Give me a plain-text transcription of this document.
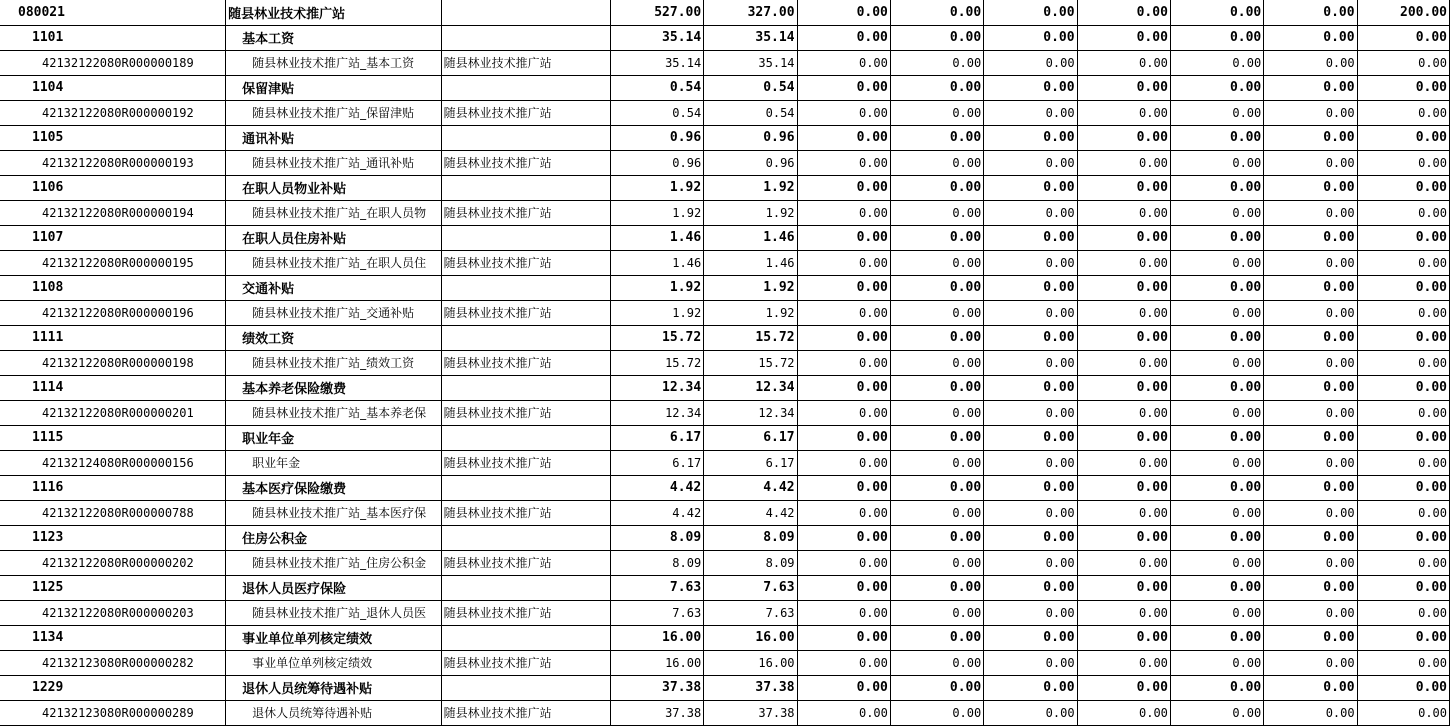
080021	随县林业技术推广站		527.00	327.00	0.00	0.00	0.00	0.00	0.00	0.00	200.00
1101	基本工资		35.14	35.14	0.00	0.00	0.00	0.00	0.00	0.00	0.00
42132122080R000000189	随县林业技术推广站_基本工资	随县林业技术推广站	35.14	35.14	0.00	0.00	0.00	0.00	0.00	0.00	0.00
1104	保留津贴		0.54	0.54	0.00	0.00	0.00	0.00	0.00	0.00	0.00
42132122080R000000192	随县林业技术推广站_保留津贴	随县林业技术推广站	0.54	0.54	0.00	0.00	0.00	0.00	0.00	0.00	0.00
1105	通讯补贴		0.96	0.96	0.00	0.00	0.00	0.00	0.00	0.00	0.00
42132122080R000000193	随县林业技术推广站_通讯补贴	随县林业技术推广站	0.96	0.96	0.00	0.00	0.00	0.00	0.00	0.00	0.00
1106	在职人员物业补贴		1.92	1.92	0.00	0.00	0.00	0.00	0.00	0.00	0.00
42132122080R000000194	随县林业技术推广站_在职人员物	随县林业技术推广站	1.92	1.92	0.00	0.00	0.00	0.00	0.00	0.00	0.00
1107	在职人员住房补贴		1.46	1.46	0.00	0.00	0.00	0.00	0.00	0.00	0.00
42132122080R000000195	随县林业技术推广站_在职人员住	随县林业技术推广站	1.46	1.46	0.00	0.00	0.00	0.00	0.00	0.00	0.00
1108	交通补贴		1.92	1.92	0.00	0.00	0.00	0.00	0.00	0.00	0.00
42132122080R000000196	随县林业技术推广站_交通补贴	随县林业技术推广站	1.92	1.92	0.00	0.00	0.00	0.00	0.00	0.00	0.00
1111	绩效工资		15.72	15.72	0.00	0.00	0.00	0.00	0.00	0.00	0.00
42132122080R000000198	随县林业技术推广站_绩效工资	随县林业技术推广站	15.72	15.72	0.00	0.00	0.00	0.00	0.00	0.00	0.00
1114	基本养老保险缴费		12.34	12.34	0.00	0.00	0.00	0.00	0.00	0.00	0.00
42132122080R000000201	随县林业技术推广站_基本养老保	随县林业技术推广站	12.34	12.34	0.00	0.00	0.00	0.00	0.00	0.00	0.00
1115	职业年金		6.17	6.17	0.00	0.00	0.00	0.00	0.00	0.00	0.00
42132124080R000000156	职业年金	随县林业技术推广站	6.17	6.17	0.00	0.00	0.00	0.00	0.00	0.00	0.00
1116	基本医疗保险缴费		4.42	4.42	0.00	0.00	0.00	0.00	0.00	0.00	0.00
42132122080R000000788	随县林业技术推广站_基本医疗保	随县林业技术推广站	4.42	4.42	0.00	0.00	0.00	0.00	0.00	0.00	0.00
1123	住房公积金		8.09	8.09	0.00	0.00	0.00	0.00	0.00	0.00	0.00
42132122080R000000202	随县林业技术推广站_住房公积金	随县林业技术推广站	8.09	8.09	0.00	0.00	0.00	0.00	0.00	0.00	0.00
1125	退休人员医疗保险		7.63	7.63	0.00	0.00	0.00	0.00	0.00	0.00	0.00
42132122080R000000203	随县林业技术推广站_退休人员医	随县林业技术推广站	7.63	7.63	0.00	0.00	0.00	0.00	0.00	0.00	0.00
1134	事业单位单列核定绩效		16.00	16.00	0.00	0.00	0.00	0.00	0.00	0.00	0.00
42132123080R000000282	事业单位单列核定绩效	随县林业技术推广站	16.00	16.00	0.00	0.00	0.00	0.00	0.00	0.00	0.00
1229	退休人员统筹待遇补贴		37.38	37.38	0.00	0.00	0.00	0.00	0.00	0.00	0.00
42132123080R000000289	退休人员统筹待遇补贴	随县林业技术推广站	37.38	37.38	0.00	0.00	0.00	0.00	0.00	0.00	0.00
